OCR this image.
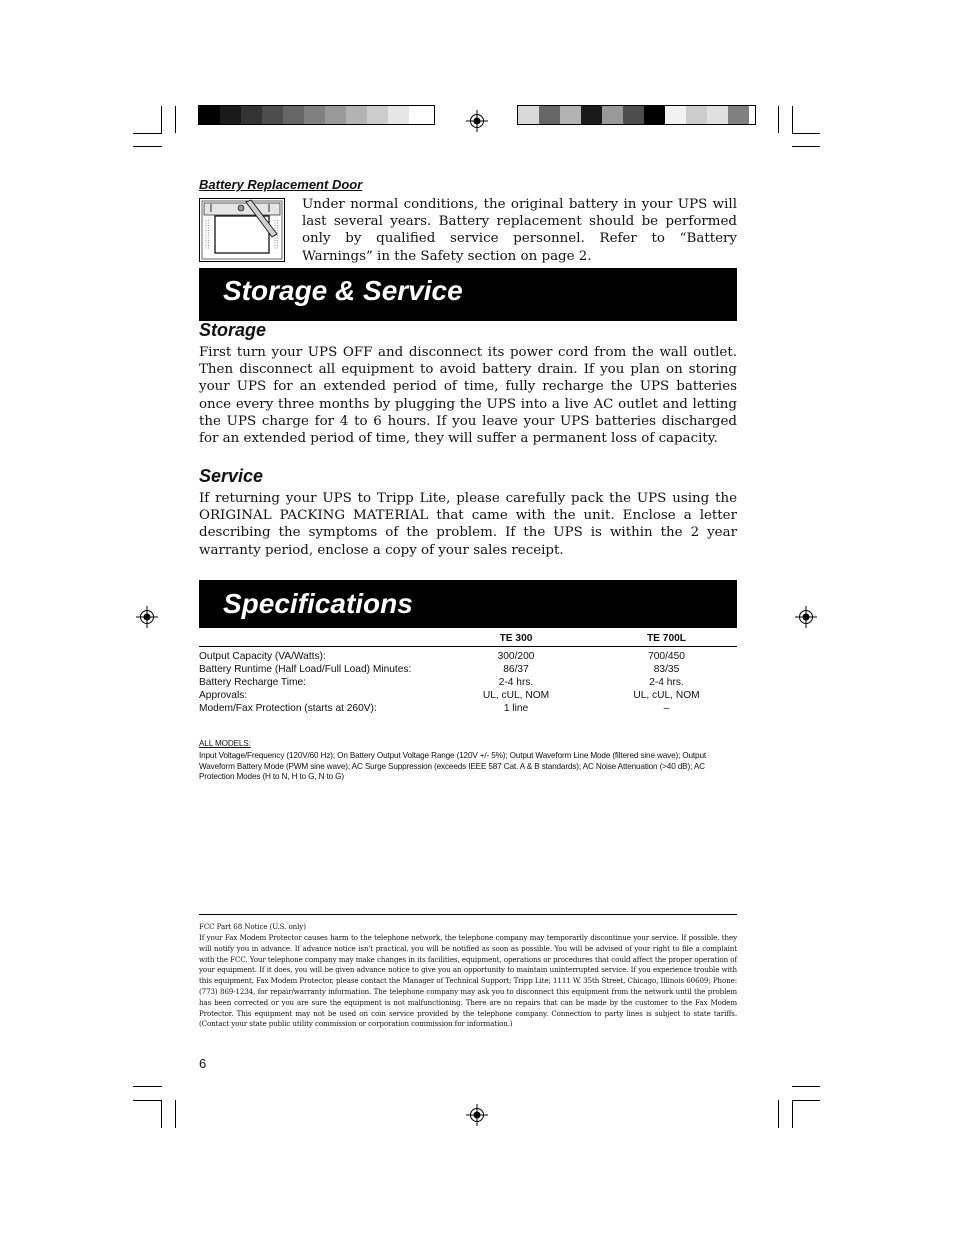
Battery Replacement Door
Under normal conditions, the original battery in your UPS will last several years. Battery replacement should be performed only by qualified service personnel. Refer to “Battery Warnings” in the Safety section on page 2.
Storage & Service
Storage
First turn your UPS OFF and disconnect its power cord from the wall outlet. Then disconnect all equipment to avoid battery drain. If you plan on storing your UPS for an extended period of time, fully recharge the UPS batteries once every three months by plugging the UPS into a live AC outlet and letting the UPS charge for 4 to 6 hours. If you leave your UPS batteries discharged for an extended period of time, they will suffer a permanent loss of capacity.
Service
If returning your UPS to Tripp Lite, please carefully pack the UPS using the ORIGINAL PACKING MATERIAL that came with the unit. Enclose a letter describing the symptoms of the problem. If the UPS is within the 2 year warranty period, enclose a copy of your sales receipt.
Specifications
	TE 300	TE 700L
Output Capacity (VA/Watts):	300/200	700/450
Battery Runtime (Half Load/Full Load) Minutes:	86/37	83/35
Battery Recharge Time:	2-4 hrs.	2-4 hrs.
Approvals:	UL, cUL, NOM	UL, cUL, NOM
Modem/Fax Protection (starts at 260V):	1 line	–
ALL MODELS:
Input Voltage/Frequency (120V/60 Hz); On Battery Output Voltage Range (120V +/- 5%); Output Waveform Line Mode (filtered sine wave); Output Waveform Battery Mode (PWM sine wave); AC Surge Suppression (exceeds IEEE 587 Cat. A & B standards); AC Noise Attenuation (>40 dB); AC Protection Modes (H to N, H to G, N to G)
FCC Part 68 Notice (U.S. only)
If your Fax Modem Protector causes harm to the telephone network, the telephone company may temporarily discontinue your service. If possible, they will notify you in advance. If advance notice isn't practical, you will be notified as soon as possible. You will be advised of your right to file a complaint with the FCC. Your telephone company may make changes in its facilities, equipment, operations or procedures that could affect the proper operation of your equipment. If it does, you will be given advance notice to give you an opportunity to maintain uninterrupted service. If you experience trouble with this equipment, Fax Modem Protector, please contact the Manager of Technical Support; Tripp Lite; 1111 W. 35th Street, Chicago, Illinois 60609; Phone: (773) 869-1234, for repair/warranty information. The telephone company may ask you to disconnect this equipment from the network until the problem has been corrected or you are sure the equipment is not malfunctioning. There are no repairs that can be made by the customer to the Fax Modem Protector. This equipment may not be used on coin service provided by the telephone company. Connection to party lines is subject to state tariffs. (Contact your state public utility commission or corporation commission for information.)
6
